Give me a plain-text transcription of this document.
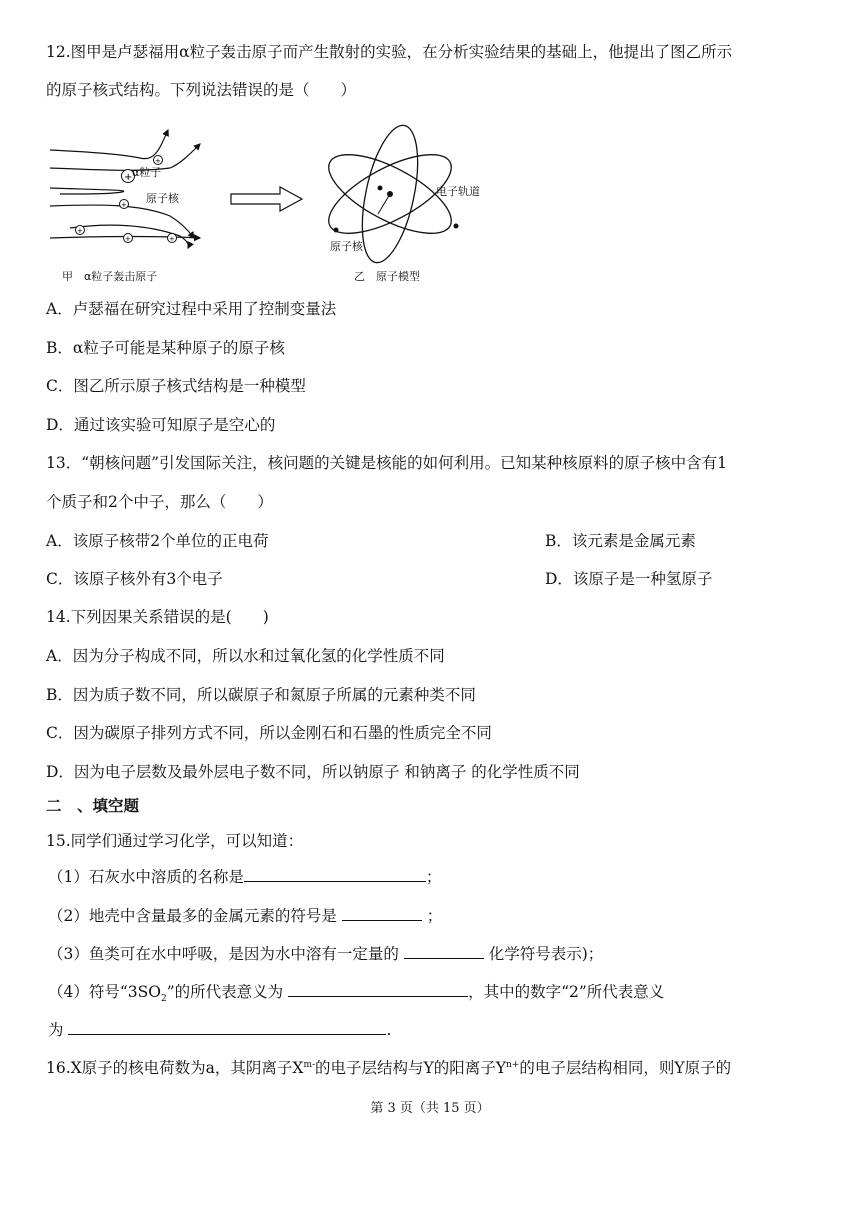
12.图甲是卢瑟福用α粒子轰击原子而产生散射的实验，在分析实验结果的基础上，他提出了图乙所示
的原子核式结构。下列说法错误的是（　　）
+
+
+
+
+	+
α粒子
原子核
甲　α粒子轰击原子
电子轨道
原子核
乙　原子模型
A．卢瑟福在研究过程中采用了控制变量法
B．α粒子可能是某种原子的原子核
C．图乙所示原子核式结构是一种模型
D．通过该实验可知原子是空心的
13．“朝核问题”引发国际关注，核问题的关键是核能的如何利用。已知某种核原料的原子核中含有1
个质子和2个中子，那么（　　）
A．该原子核带2个单位的正电荷	B．该元素是金属元素
C．该原子核外有3个电子	D．该原子是一种氢原子
14.下列因果关系错误的是(　　)
A．因为分子构成不同，所以水和过氧化氢的化学性质不同
B．因为质子数不同，所以碳原子和氮原子所属的元素种类不同
C．因为碳原子排列方式不同，所以金刚石和石墨的性质完全不同
D．因为电子层数及最外层电子数不同，所以钠原子 和钠离子 的化学性质不同
二　、填空题
15.同学们通过学习化学，可以知道：
（1）石灰水中溶质的名称是	；
（2）地壳中含量最多的金属元素的符号是	；
（3）鱼类可在水中呼吸，是因为水中溶有一定量的	化学符号表示)；
（4）符号“$3SO_2$”的所代表意义为	，其中的数字“2”所代表意义
为	.
16.X原子的核电荷数为a，其阴离子$X^{m-}$的电子层结构与Y的阳离子$Y^{n+}$的电子层结构相同，则Y原子的
第 3 页（共 15 页）
